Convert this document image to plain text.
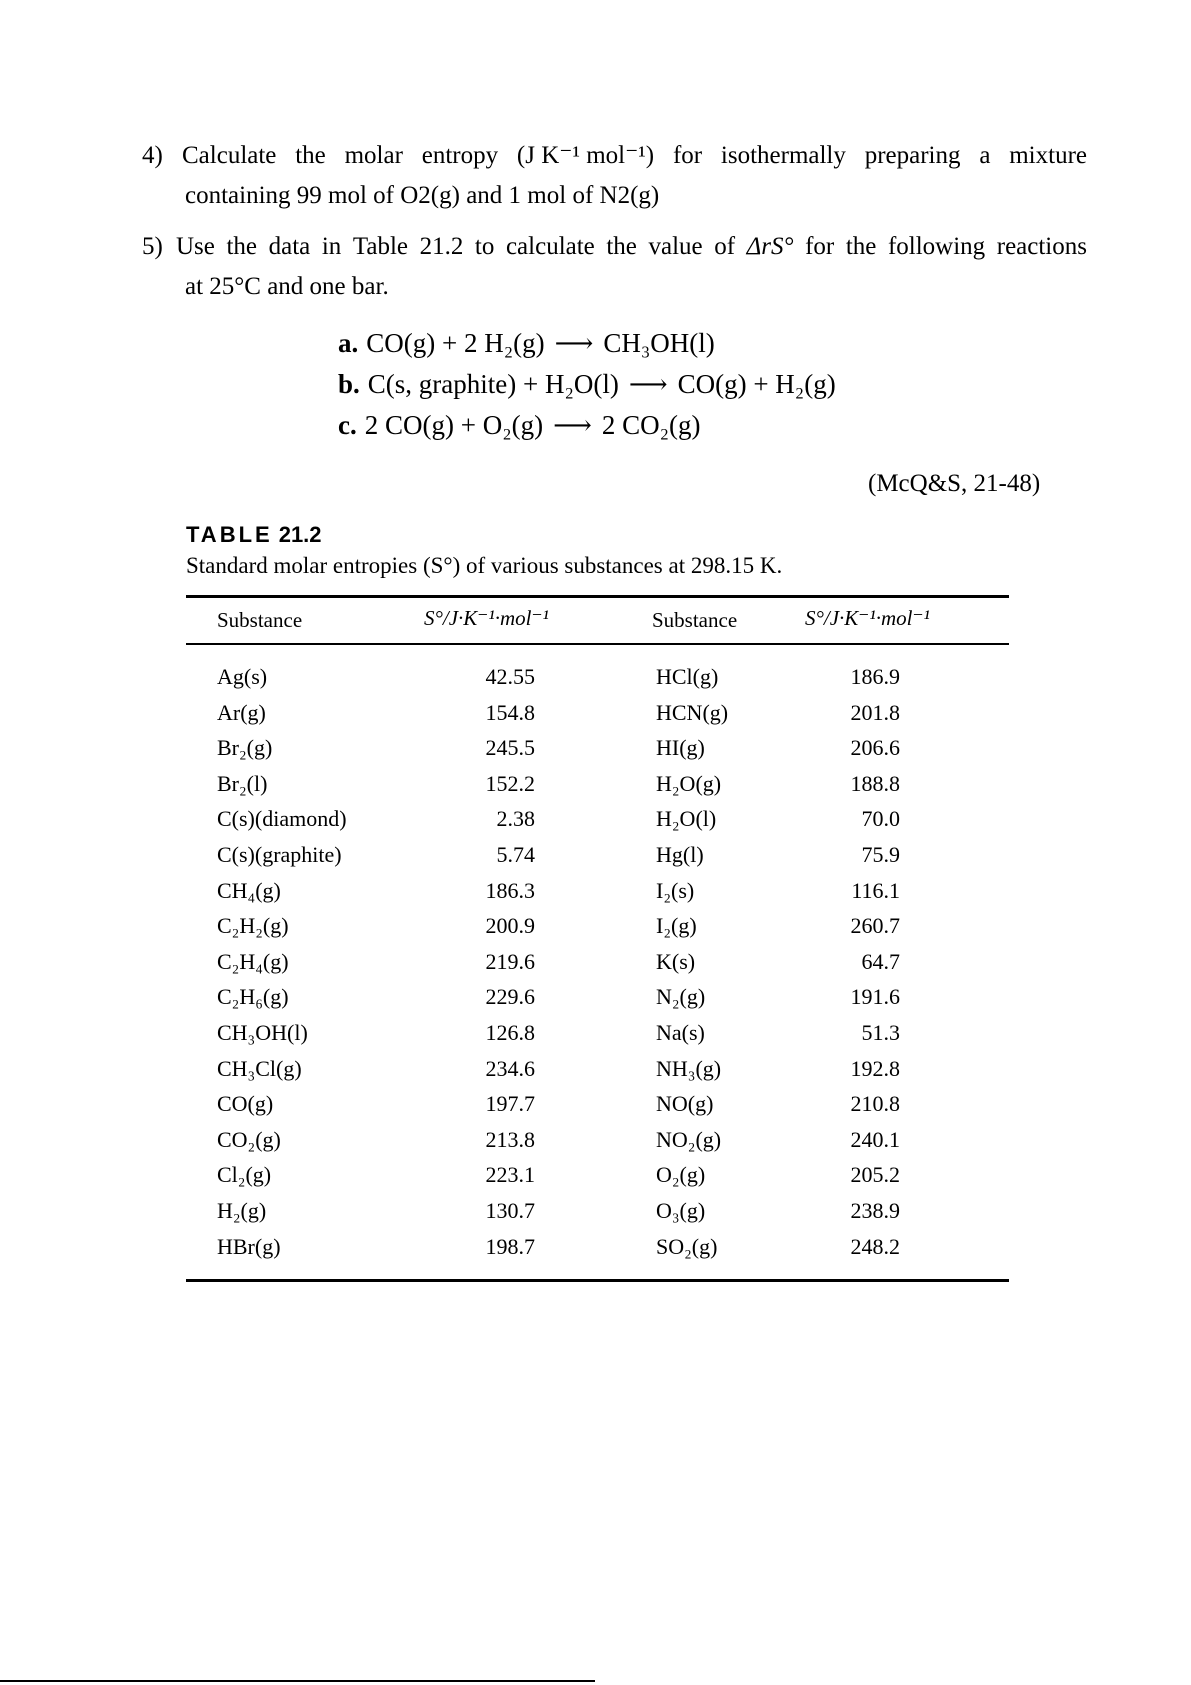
4) Calculate the molar entropy (J K⁻¹ mol⁻¹) for isothermally preparing a mixture
containing 99 mol of O2(g) and 1 mol of N2(g)
5) Use the data in Table 21.2 to calculate the value of ΔrS° for the following reactions
at 25°C and one bar.
a. CO(g) + 2 H₂(g) ⟶ CH₃OH(l)
b. C(s, graphite) + H₂O(l) ⟶ CO(g) + H₂(g)
c. 2 CO(g) + O₂(g) ⟶ 2 CO₂(g)
(McQ&S, 21-48)
TABLE 21.2
Standard molar entropies (S°) of various substances at 298.15 K.
Substance	S°/J·K⁻¹·mol⁻¹	Substance	S°/J·K⁻¹·mol⁻¹
Ag(s)	42.55	HCl(g)	186.9
Ar(g)	154.8	HCN(g)	201.8
Br₂(g)	245.5	HI(g)	206.6
Br₂(l)	152.2	H₂O(g)	188.8
C(s)(diamond)	2.38	H₂O(l)	70.0
C(s)(graphite)	5.74	Hg(l)	75.9
CH₄(g)	186.3	I₂(s)	116.1
C₂H₂(g)	200.9	I₂(g)	260.7
C₂H₄(g)	219.6	K(s)	64.7
C₂H₆(g)	229.6	N₂(g)	191.6
CH₃OH(l)	126.8	Na(s)	51.3
CH₃Cl(g)	234.6	NH₃(g)	192.8
CO(g)	197.7	NO(g)	210.8
CO₂(g)	213.8	NO₂(g)	240.1
Cl₂(g)	223.1	O₂(g)	205.2
H₂(g)	130.7	O₃(g)	238.9
HBr(g)	198.7	SO₂(g)	248.2
